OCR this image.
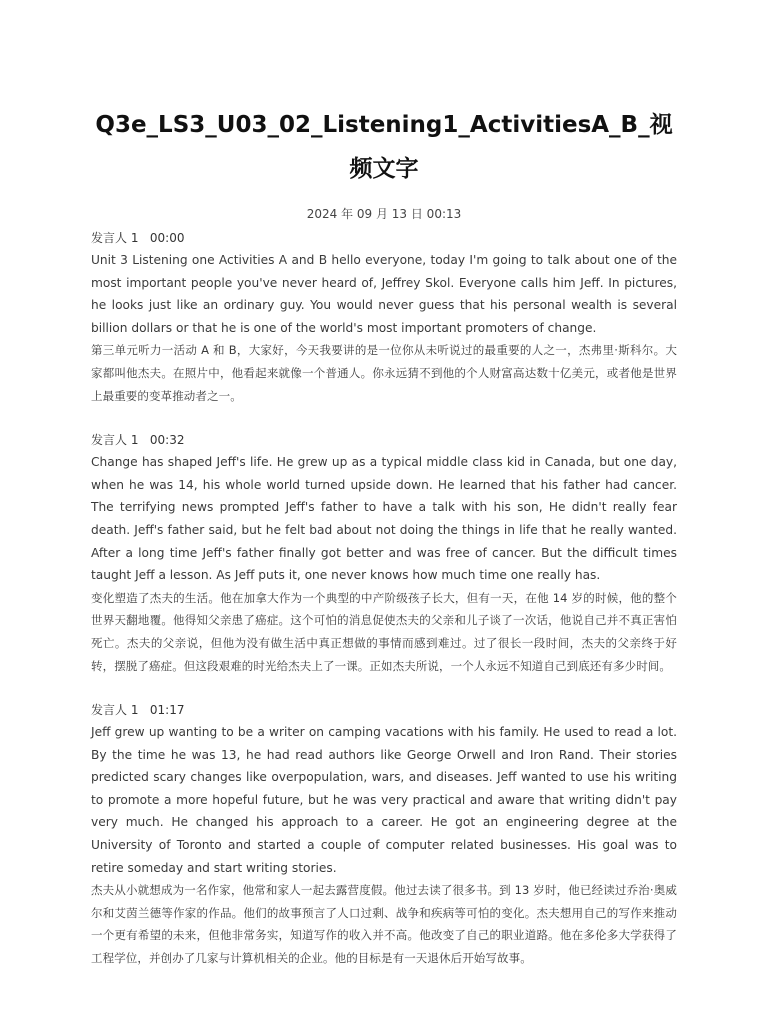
Q3e_LS3_U03_02_Listening1_ActivitiesA_B_视频文字
2024 年 09 月 13 日 00:13
发言人 1 00:00

Unit 3 Listening one Activities A and B hello everyone, today I'm going to talk about one of the most important people you've never heard of, Jeffrey Skol. Everyone calls him Jeff. In pictures, he looks just like an ordinary guy. You would never guess that his personal wealth is several billion dollars or that he is one of the world's most important promoters of change.

第三单元听力一活动 A 和 B，大家好，今天我要讲的是一位你从未听说过的最重要的人之一，杰弗里·斯科尔。大家都叫他杰夫。在照片中，他看起来就像一个普通人。你永远猜不到他的个人财富高达数十亿美元，或者他是世界上最重要的变革推动者之一。

发言人 1 00:32

Change has shaped Jeff's life. He grew up as a typical middle class kid in Canada, but one day, when he was 14, his whole world turned upside down. He learned that his father had cancer. The terrifying news prompted Jeff's father to have a talk with his son, He didn't really fear death. Jeff's father said, but he felt bad about not doing the things in life that he really wanted. After a long time Jeff's father finally got better and was free of cancer. But the difficult times taught Jeff a lesson. As Jeff puts it, one never knows how much time one really has.

变化塑造了杰夫的生活。他在加拿大作为一个典型的中产阶级孩子长大，但有一天，在他 14 岁的时候，他的整个世界天翻地覆。他得知父亲患了癌症。这个可怕的消息促使杰夫的父亲和儿子谈了一次话，他说自己并不真正害怕死亡。杰夫的父亲说，但他为没有做生活中真正想做的事情而感到难过。过了很长一段时间，杰夫的父亲终于好转，摆脱了癌症。但这段艰难的时光给杰夫上了一课。正如杰夫所说，一个人永远不知道自己到底还有多少时间。

发言人 1 01:17

Jeff grew up wanting to be a writer on camping vacations with his family. He used to read a lot. By the time he was 13, he had read authors like George Orwell and Iron Rand. Their stories predicted scary changes like overpopulation, wars, and diseases. Jeff wanted to use his writing to promote a more hopeful future, but he was very practical and aware that writing didn't pay very much. He changed his approach to a career. He got an engineering degree at the University of Toronto and started a couple of computer related businesses. His goal was to retire someday and start writing stories.

杰夫从小就想成为一名作家，他常和家人一起去露营度假。他过去读了很多书。到 13 岁时，他已经读过乔治·奥威尔和艾茵兰德等作家的作品。他们的故事预言了人口过剩、战争和疾病等可怕的变化。杰夫想用自己的写作来推动一个更有希望的未来，但他非常务实，知道写作的收入并不高。他改变了自己的职业道路。他在多伦多大学获得了工程学位，并创办了几家与计算机相关的企业。他的目标是有一天退休后开始写故事。
